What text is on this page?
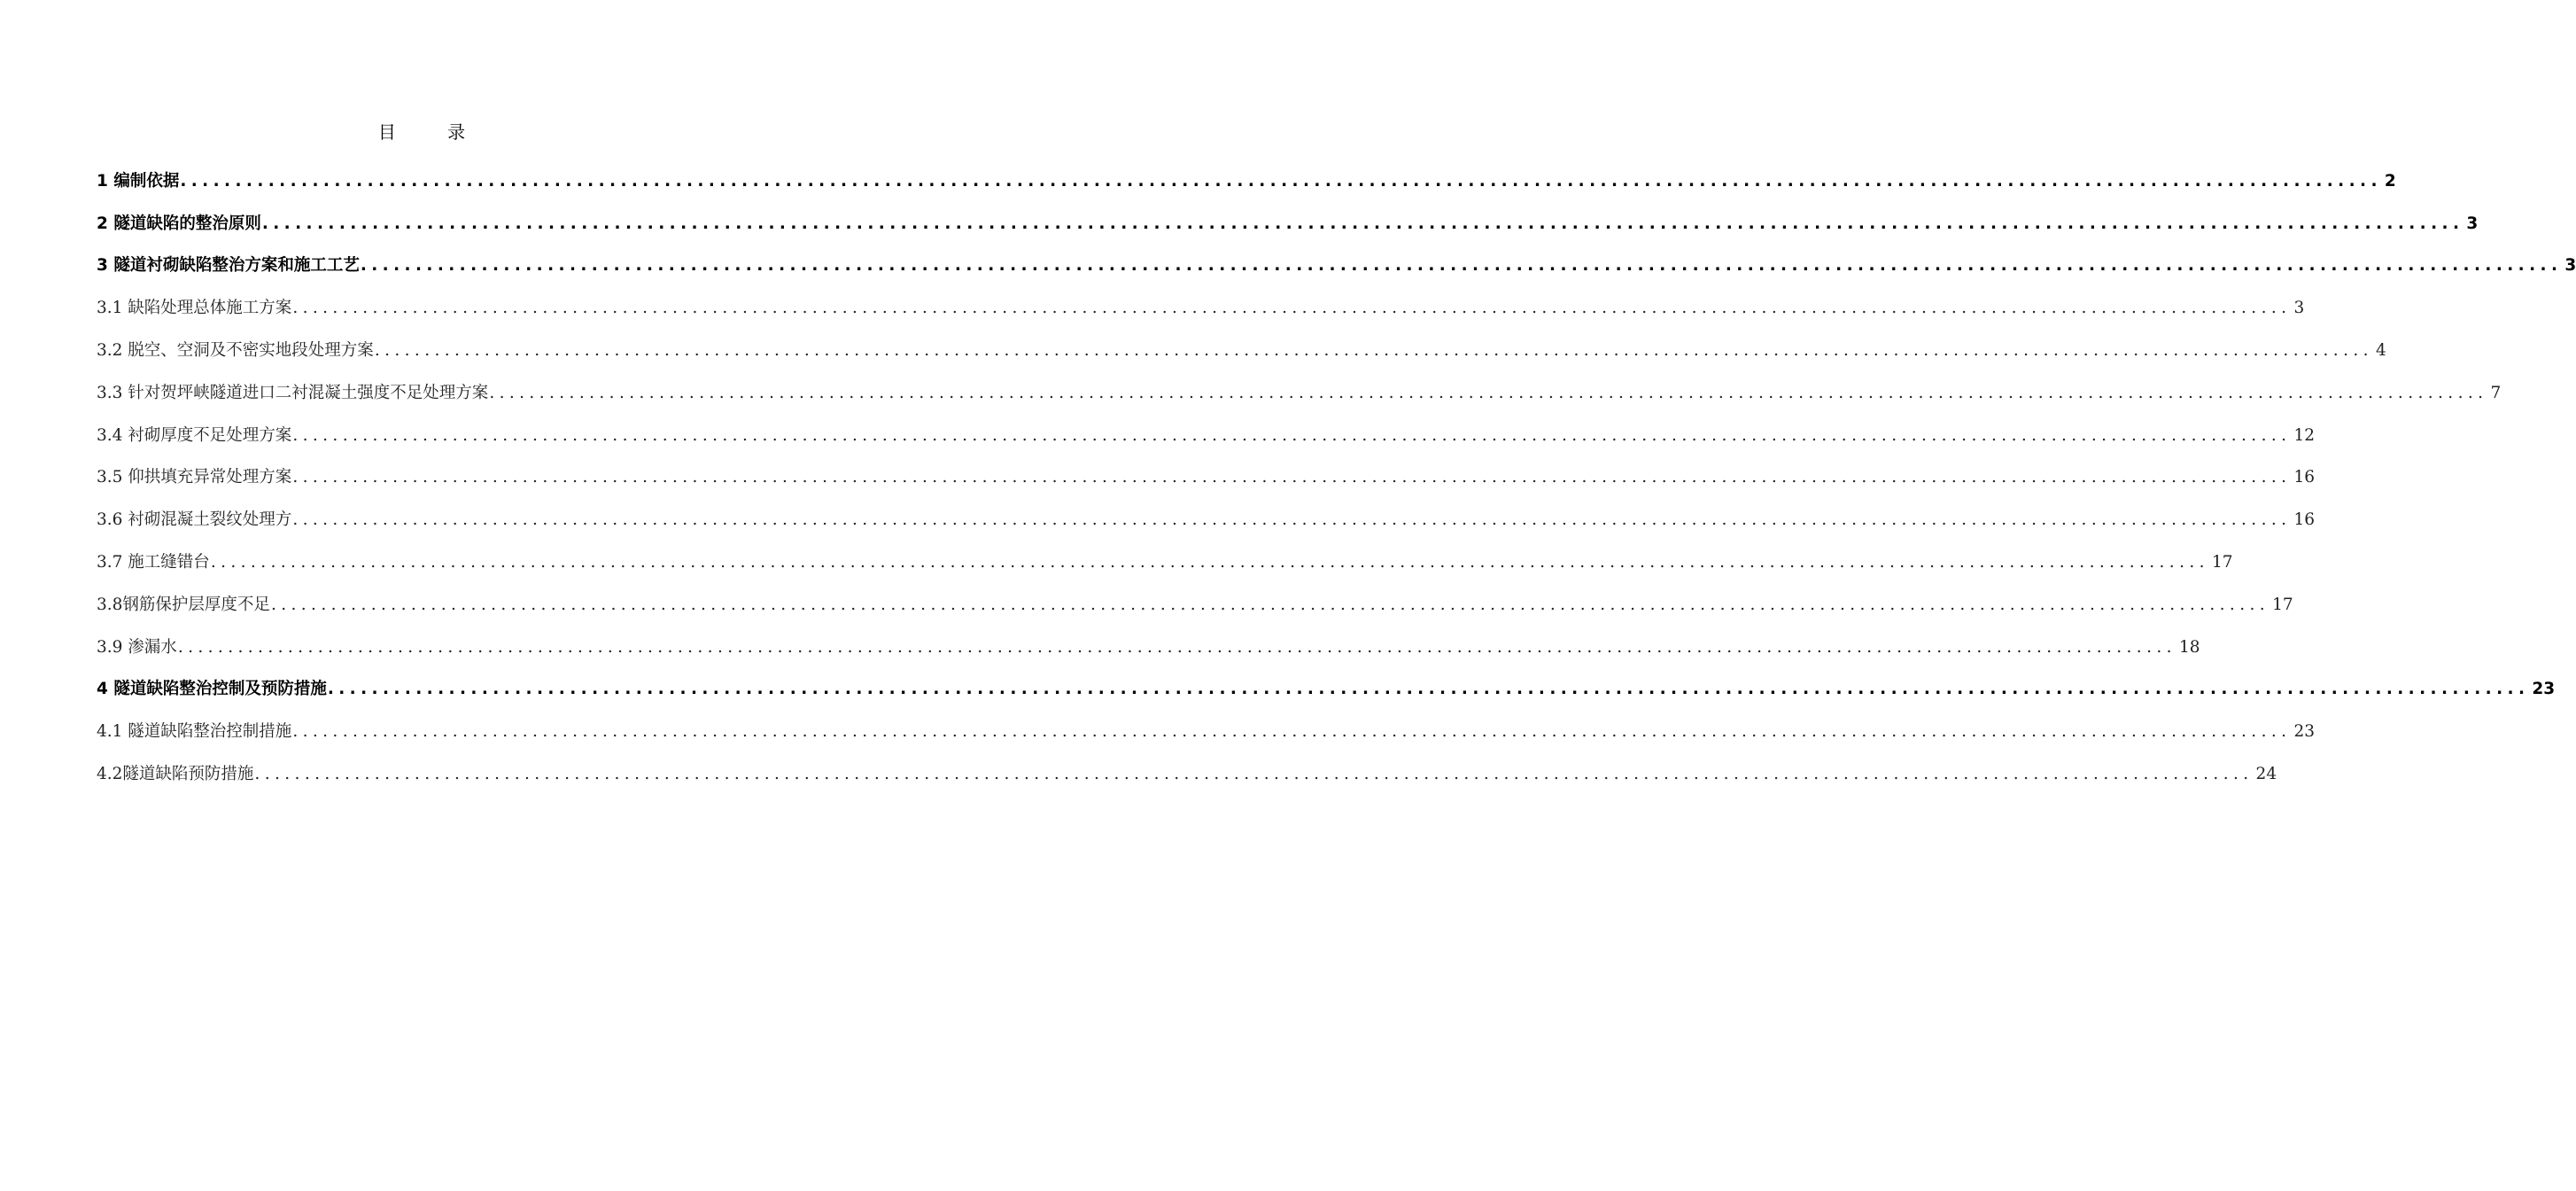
目 录
1 编制依据 ........................................................................................................................................................................................................ 2
2 隧道缺陷的整治原则 ........................................................................................................................................................................................................ 3
3 隧道衬砌缺陷整治方案和施工工艺 ........................................................................................................................................................................................................ 3
3.1 缺陷处理总体施工方案 ........................................................................................................................................................................................................ 3
3.2 脱空、空洞及不密实地段处理方案 ........................................................................................................................................................................................................ 4
3.3 针对贺坪峡隧道进口二衬混凝土强度不足处理方案 ........................................................................................................................................................................................................ 7
3.4 衬砌厚度不足处理方案 ........................................................................................................................................................................................................ 12
3.5 仰拱填充异常处理方案 ........................................................................................................................................................................................................ 16
3.6 衬砌混凝土裂纹处理方 ........................................................................................................................................................................................................ 16
3.7 施工缝错台 ........................................................................................................................................................................................................ 17
3.8钢筋保护层厚度不足 ........................................................................................................................................................................................................ 17
3.9 渗漏水 ........................................................................................................................................................................................................ 18
4 隧道缺陷整治控制及预防措施 ........................................................................................................................................................................................................ 23
4.1 隧道缺陷整治控制措施 ........................................................................................................................................................................................................ 23
4.2隧道缺陷预防措施 ........................................................................................................................................................................................................ 24
